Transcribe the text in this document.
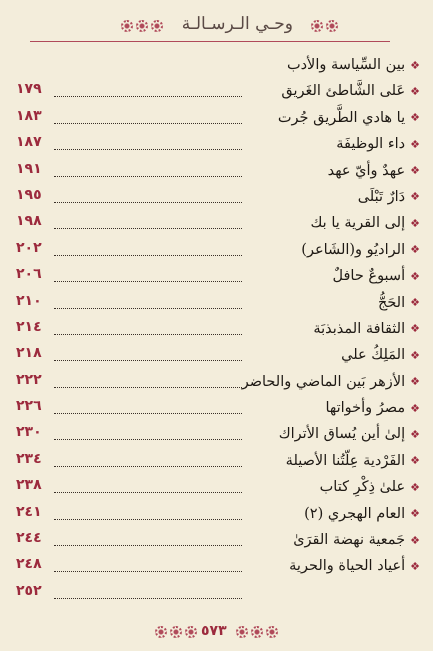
وحـي الـرسـالـة
❖
بين السِّياسة والأدب
❖
عَلى الشَّاطئ الغَريق
١٧٩
❖
يا هادي الطَّريق جُرت
١٨٣
❖
داء الوظيفَة
١٨٧
❖
عهدٌ وأيّ عهد
١٩١
❖
دَارٌ تَبْلَى
١٩٥
❖
إلى القرية يا بك
١٩٨
❖
الراديُو و(الشَاعر)
٢٠٢
❖
أسبوعٌ حافلٌ
٢٠٦
❖
الحَجُّ
٢١٠
❖
الثقافة المذبذبَة
٢١٤
❖
المَلِكُ علي
٢١٨
❖
الأزهر بَين الماضي والحاضر
٢٢٢
❖
مصرُ وأخواتها
٢٢٦
❖
إلىٰ أين يُساق الأتراك
٢٣٠
❖
الفَرْدية عِلّتُنا الأصيلة
٢٣٤
❖
علىٰ ذِكْرِ كتاب
٢٣٨
❖
العام الهجري (٢)
٢٤١
❖
جَمعية نهضة القرَىٰ
٢٤٤
❖
أعياد الحياة والحرية
٢٤٨
٢٥٢
٥٧٣
